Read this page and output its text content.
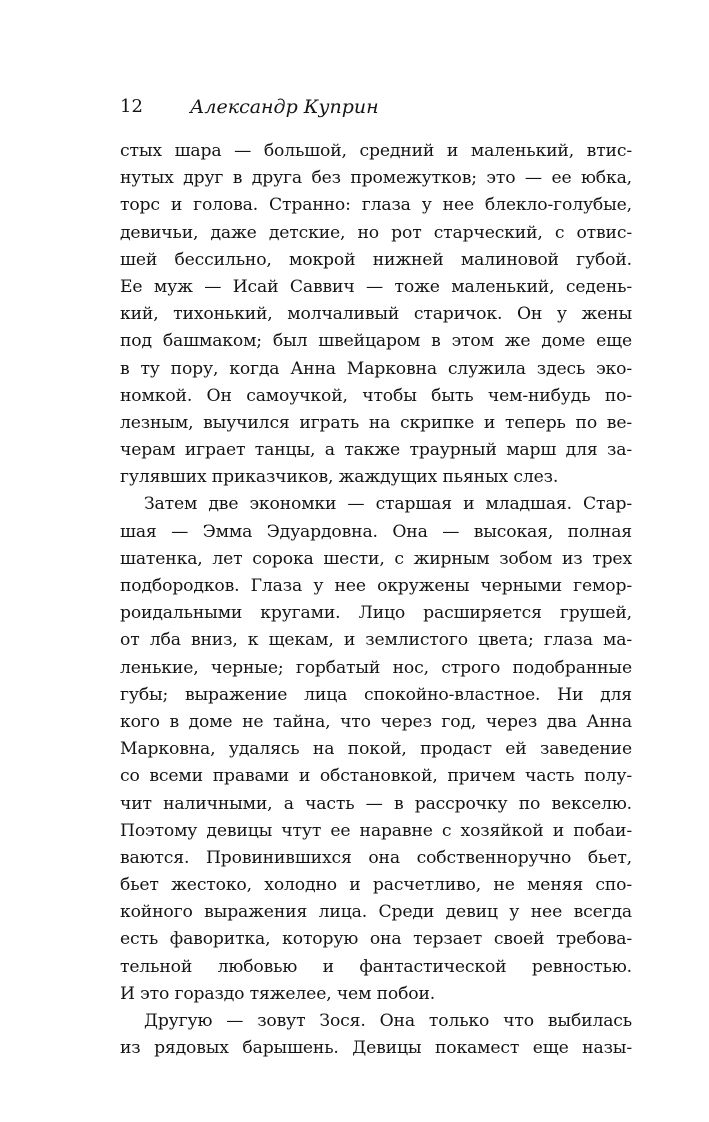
12 Александр Куприн
стых шара — большой, средний и маленький, втис-
нутых друг в друга без промежутков; это — ее юбка,
торс и голова. Странно: глаза у нее блекло-голубые,
девичьи, даже детские, но рот старческий, с отвис-
шей бессильно, мокрой нижней малиновой губой.
Ее муж — Исай Саввич — тоже маленький, седень-
кий, тихонький, молчаливый старичок. Он у жены
под башмаком; был швейцаром в этом же доме еще
в ту пору, когда Анна Марковна служила здесь эко-
номкой. Он самоучкой, чтобы быть чем-нибудь по-
лезным, выучился играть на скрипке и теперь по ве-
черам играет танцы, а также траурный марш для за-
гулявших приказчиков, жаждущих пьяных слез.
Затем две экономки — старшая и младшая. Стар-
шая — Эмма Эдуардовна. Она — высокая, полная
шатенка, лет сорока шести, с жирным зобом из трех
подбородков. Глаза у нее окружены черными гемор-
роидальными кругами. Лицо расширяется грушей,
от лба вниз, к щекам, и землистого цвета; глаза ма-
ленькие, черные; горбатый нос, строго подобранные
губы; выражение лица спокойно-властное. Ни для
кого в доме не тайна, что через год, через два Анна
Марковна, удалясь на покой, продаст ей заведение
со всеми правами и обстановкой, причем часть полу-
чит наличными, а часть — в рассрочку по векселю.
Поэтому девицы чтут ее наравне с хозяйкой и побаи-
ваются. Провинившихся она собственноручно бьет,
бьет жестоко, холодно и расчетливо, не меняя спо-
койного выражения лица. Среди девиц у нее всегда
есть фаворитка, которую она терзает своей требова-
тельной любовью и фантастической ревностью.
И это гораздо тяжелее, чем побои.
Другую — зовут Зося. Она только что выбилась
из рядовых барышень. Девицы покамест еще назы-
